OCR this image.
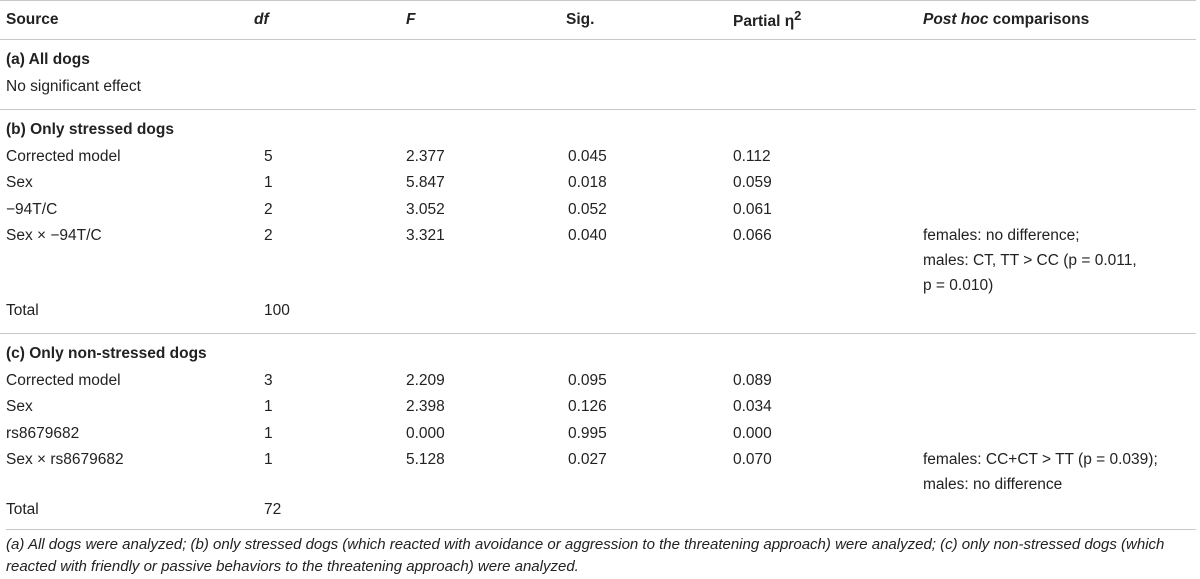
Source	df	F	Sig.	Partial $\eta^2$	Post hoc comparisons
(a) All dogs					
No significant effect					
(b) Only stressed dogs					
Corrected model	5	2.377	0.045	0.112	
Sex	1	5.847	0.018	0.059	
−94T/C	2	3.052	0.052	0.061	
Sex × −94T/C	2	3.321	0.040	0.066	females: no difference;
males: CT, TT > CC (p = 0.011,
p = 0.010)

Total	100				
(c) Only non-stressed dogs					
Corrected model	3	2.209	0.095	0.089	
Sex	1	2.398	0.126	0.034	
rs8679682	1	0.000	0.995	0.000	
Sex × rs8679682	1	5.128	0.027	0.070	females: CC+CT > TT (p = 0.039);
males: no difference

Total	72				
(a) All dogs were analyzed; (b) only stressed dogs (which reacted with avoidance or aggression to the threatening approach) were analyzed; (c) only non-stressed dogs (which reacted with friendly or passive behaviors to the threatening approach) were analyzed.
